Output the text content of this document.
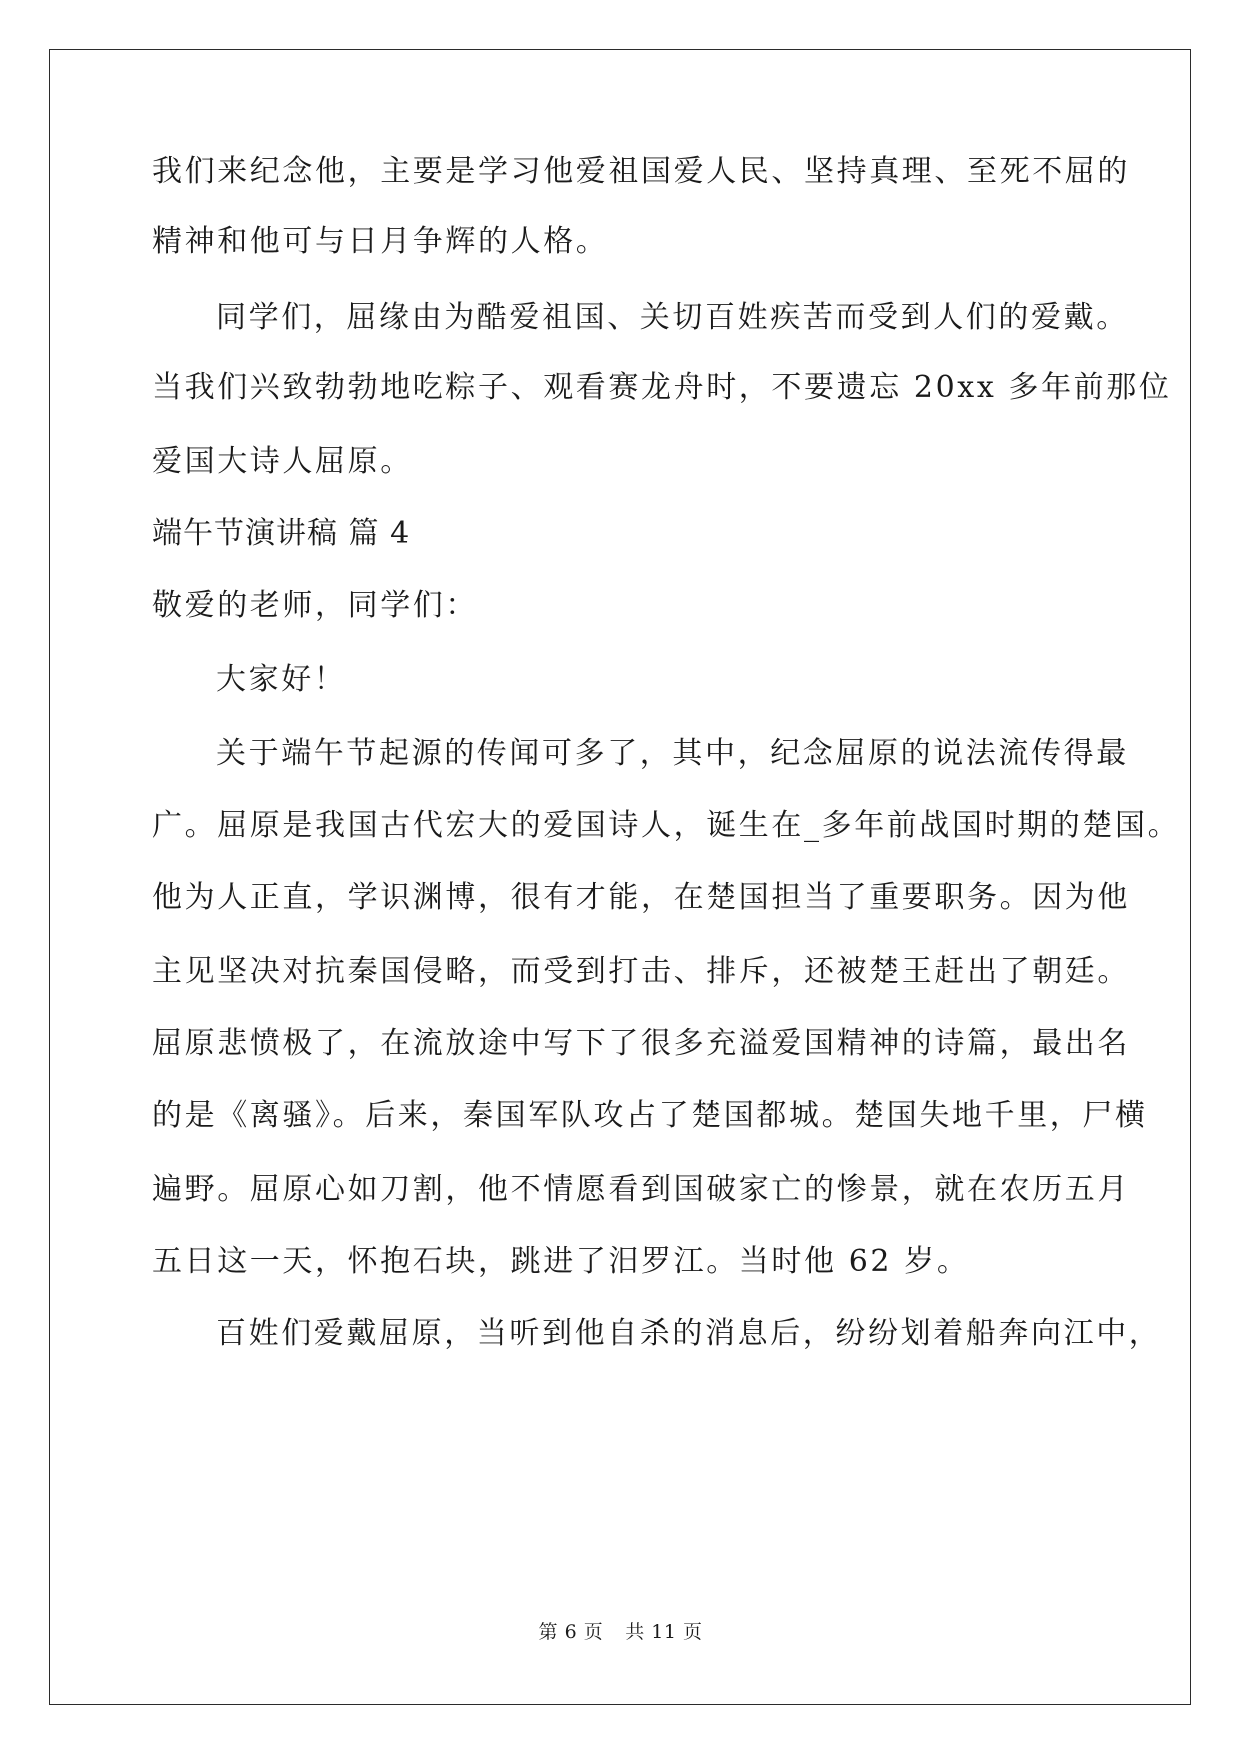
我们来纪念他，主要是学习他爱祖国爱人民、坚持真理、至死不屈的
精神和他可与日月争辉的人格。
同学们，屈缘由为酷爱祖国、关切百姓疾苦而受到人们的爱戴。
当我们兴致勃勃地吃粽子、观看赛龙舟时，不要遗忘 20xx 多年前那位
爱国大诗人屈原。
端午节演讲稿 篇 4
敬爱的老师，同学们：
大家好！
关于端午节起源的传闻可多了，其中，纪念屈原的说法流传得最
广。屈原是我国古代宏大的爱国诗人，诞生在_多年前战国时期的楚国。
他为人正直，学识渊博，很有才能，在楚国担当了重要职务。因为他
主见坚决对抗秦国侵略，而受到打击、排斥，还被楚王赶出了朝廷。
屈原悲愤极了，在流放途中写下了很多充溢爱国精神的诗篇，最出名
的是《离骚》。后来，秦国军队攻占了楚国都城。楚国失地千里，尸横
遍野。屈原心如刀割，他不情愿看到国破家亡的惨景，就在农历五月
五日这一天，怀抱石块，跳进了汨罗江。当时他 62 岁。
百姓们爱戴屈原，当听到他自杀的消息后，纷纷划着船奔向江中，
第 6 页 共 11 页
